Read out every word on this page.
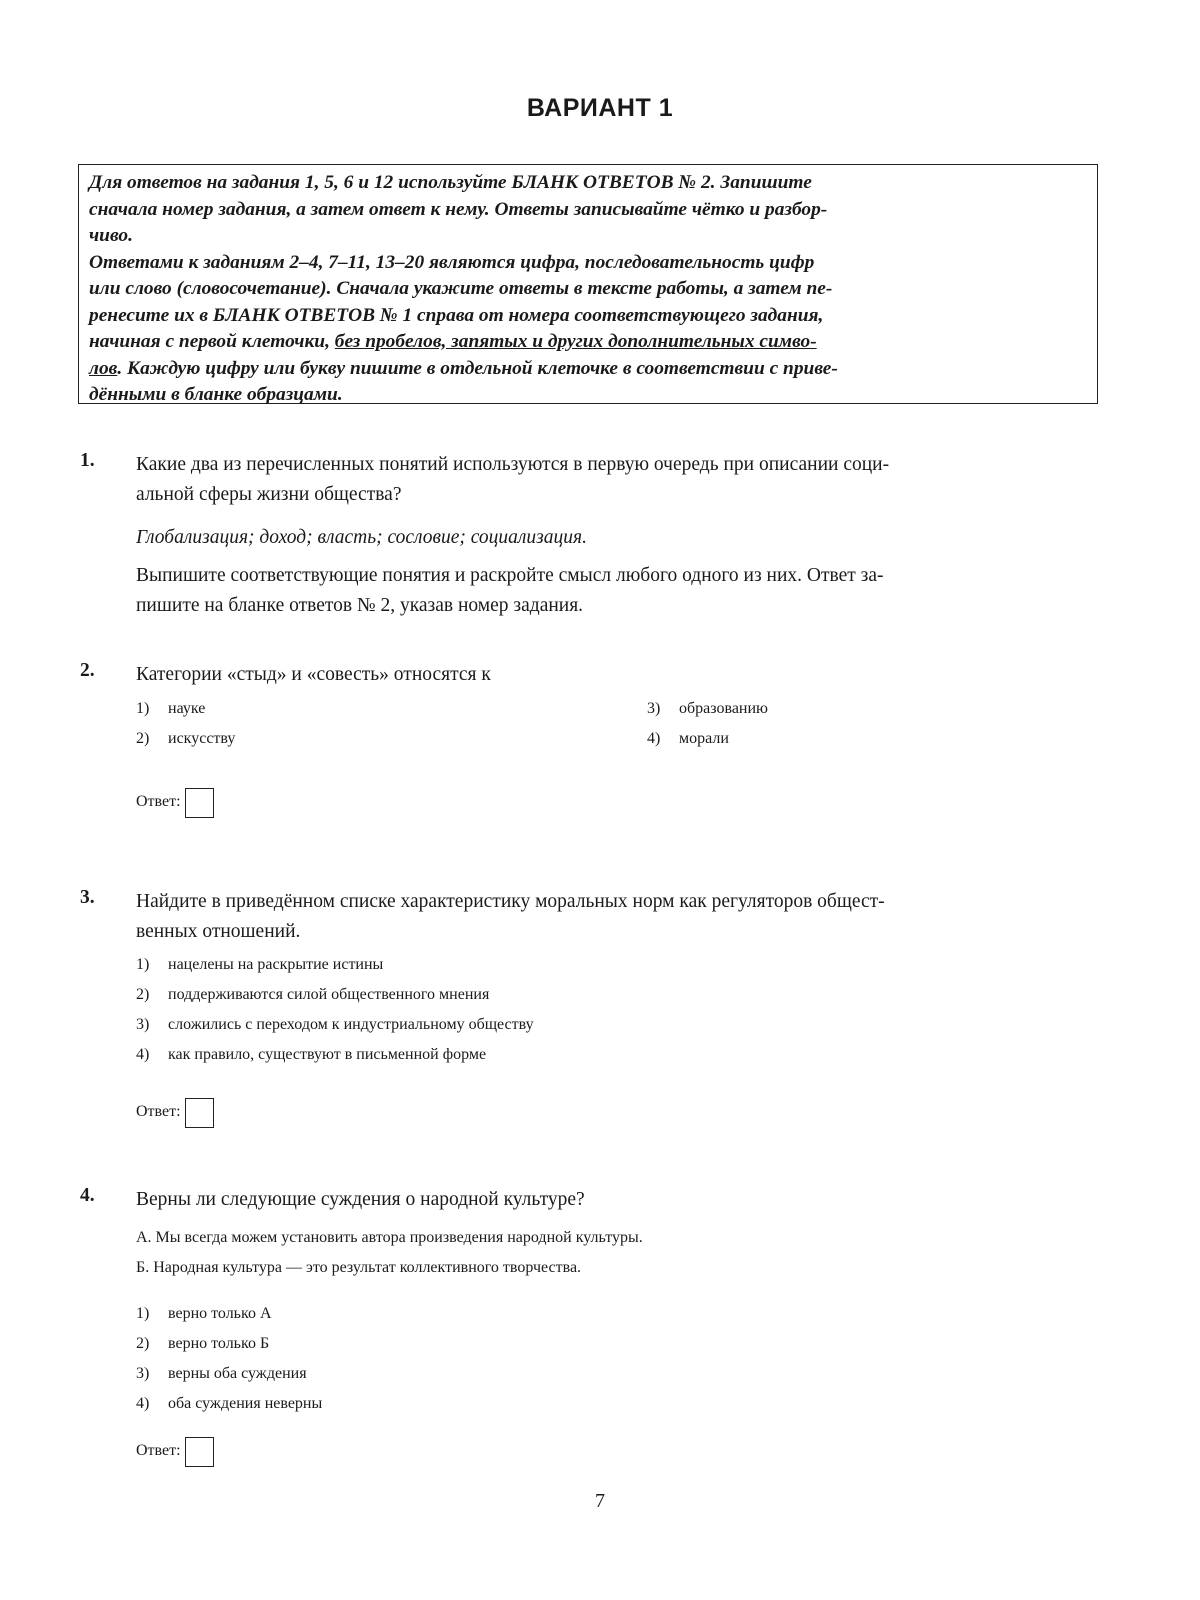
ВАРИАНТ 1
Для ответов на задания 1, 5, 6 и 12 используйте БЛАНК ОТВЕТОВ № 2. Запишите
сначала номер задания, а затем ответ к нему. Ответы записывайте чётко и разбор-
чиво.
Ответами к заданиям 2–4, 7–11, 13–20 являются цифра, последовательность цифр
или слово (словосочетание). Сначала укажите ответы в тексте работы, а затем пе-
ренесите их в БЛАНК ОТВЕТОВ № 1 справа от номера соответствующего задания,
начиная с первой клеточки, без пробелов, запятых и других дополнительных симво-
лов. Каждую цифру или букву пишите в отдельной клеточке в соответствии с приве-
дёнными в бланке образцами.
1. Какие два из перечисленных понятий используются в первую очередь при описании соци-
альной сферы жизни общества?
Глобализация; доход; власть; сословие; социализация.
Выпишите соответствующие понятия и раскройте смысл любого одного из них. Ответ за-
пишите на бланке ответов № 2, указав номер задания.
2. Категории «стыд» и «совесть» относятся к
1) науке
2) искусству
3) образованию
4) морали
Ответ:
3. Найдите в приведённом списке характеристику моральных норм как регуляторов общест-
венных отношений.
1) нацелены на раскрытие истины
2) поддерживаются силой общественного мнения
3) сложились с переходом к индустриальному обществу
4) как правило, существуют в письменной форме
Ответ:
4. Верны ли следующие суждения о народной культуре?
А. Мы всегда можем установить автора произведения народной культуры.
Б. Народная культура — это результат коллективного творчества.
1) верно только А
2) верно только Б
3) верны оба суждения
4) оба суждения неверны
Ответ:
7
